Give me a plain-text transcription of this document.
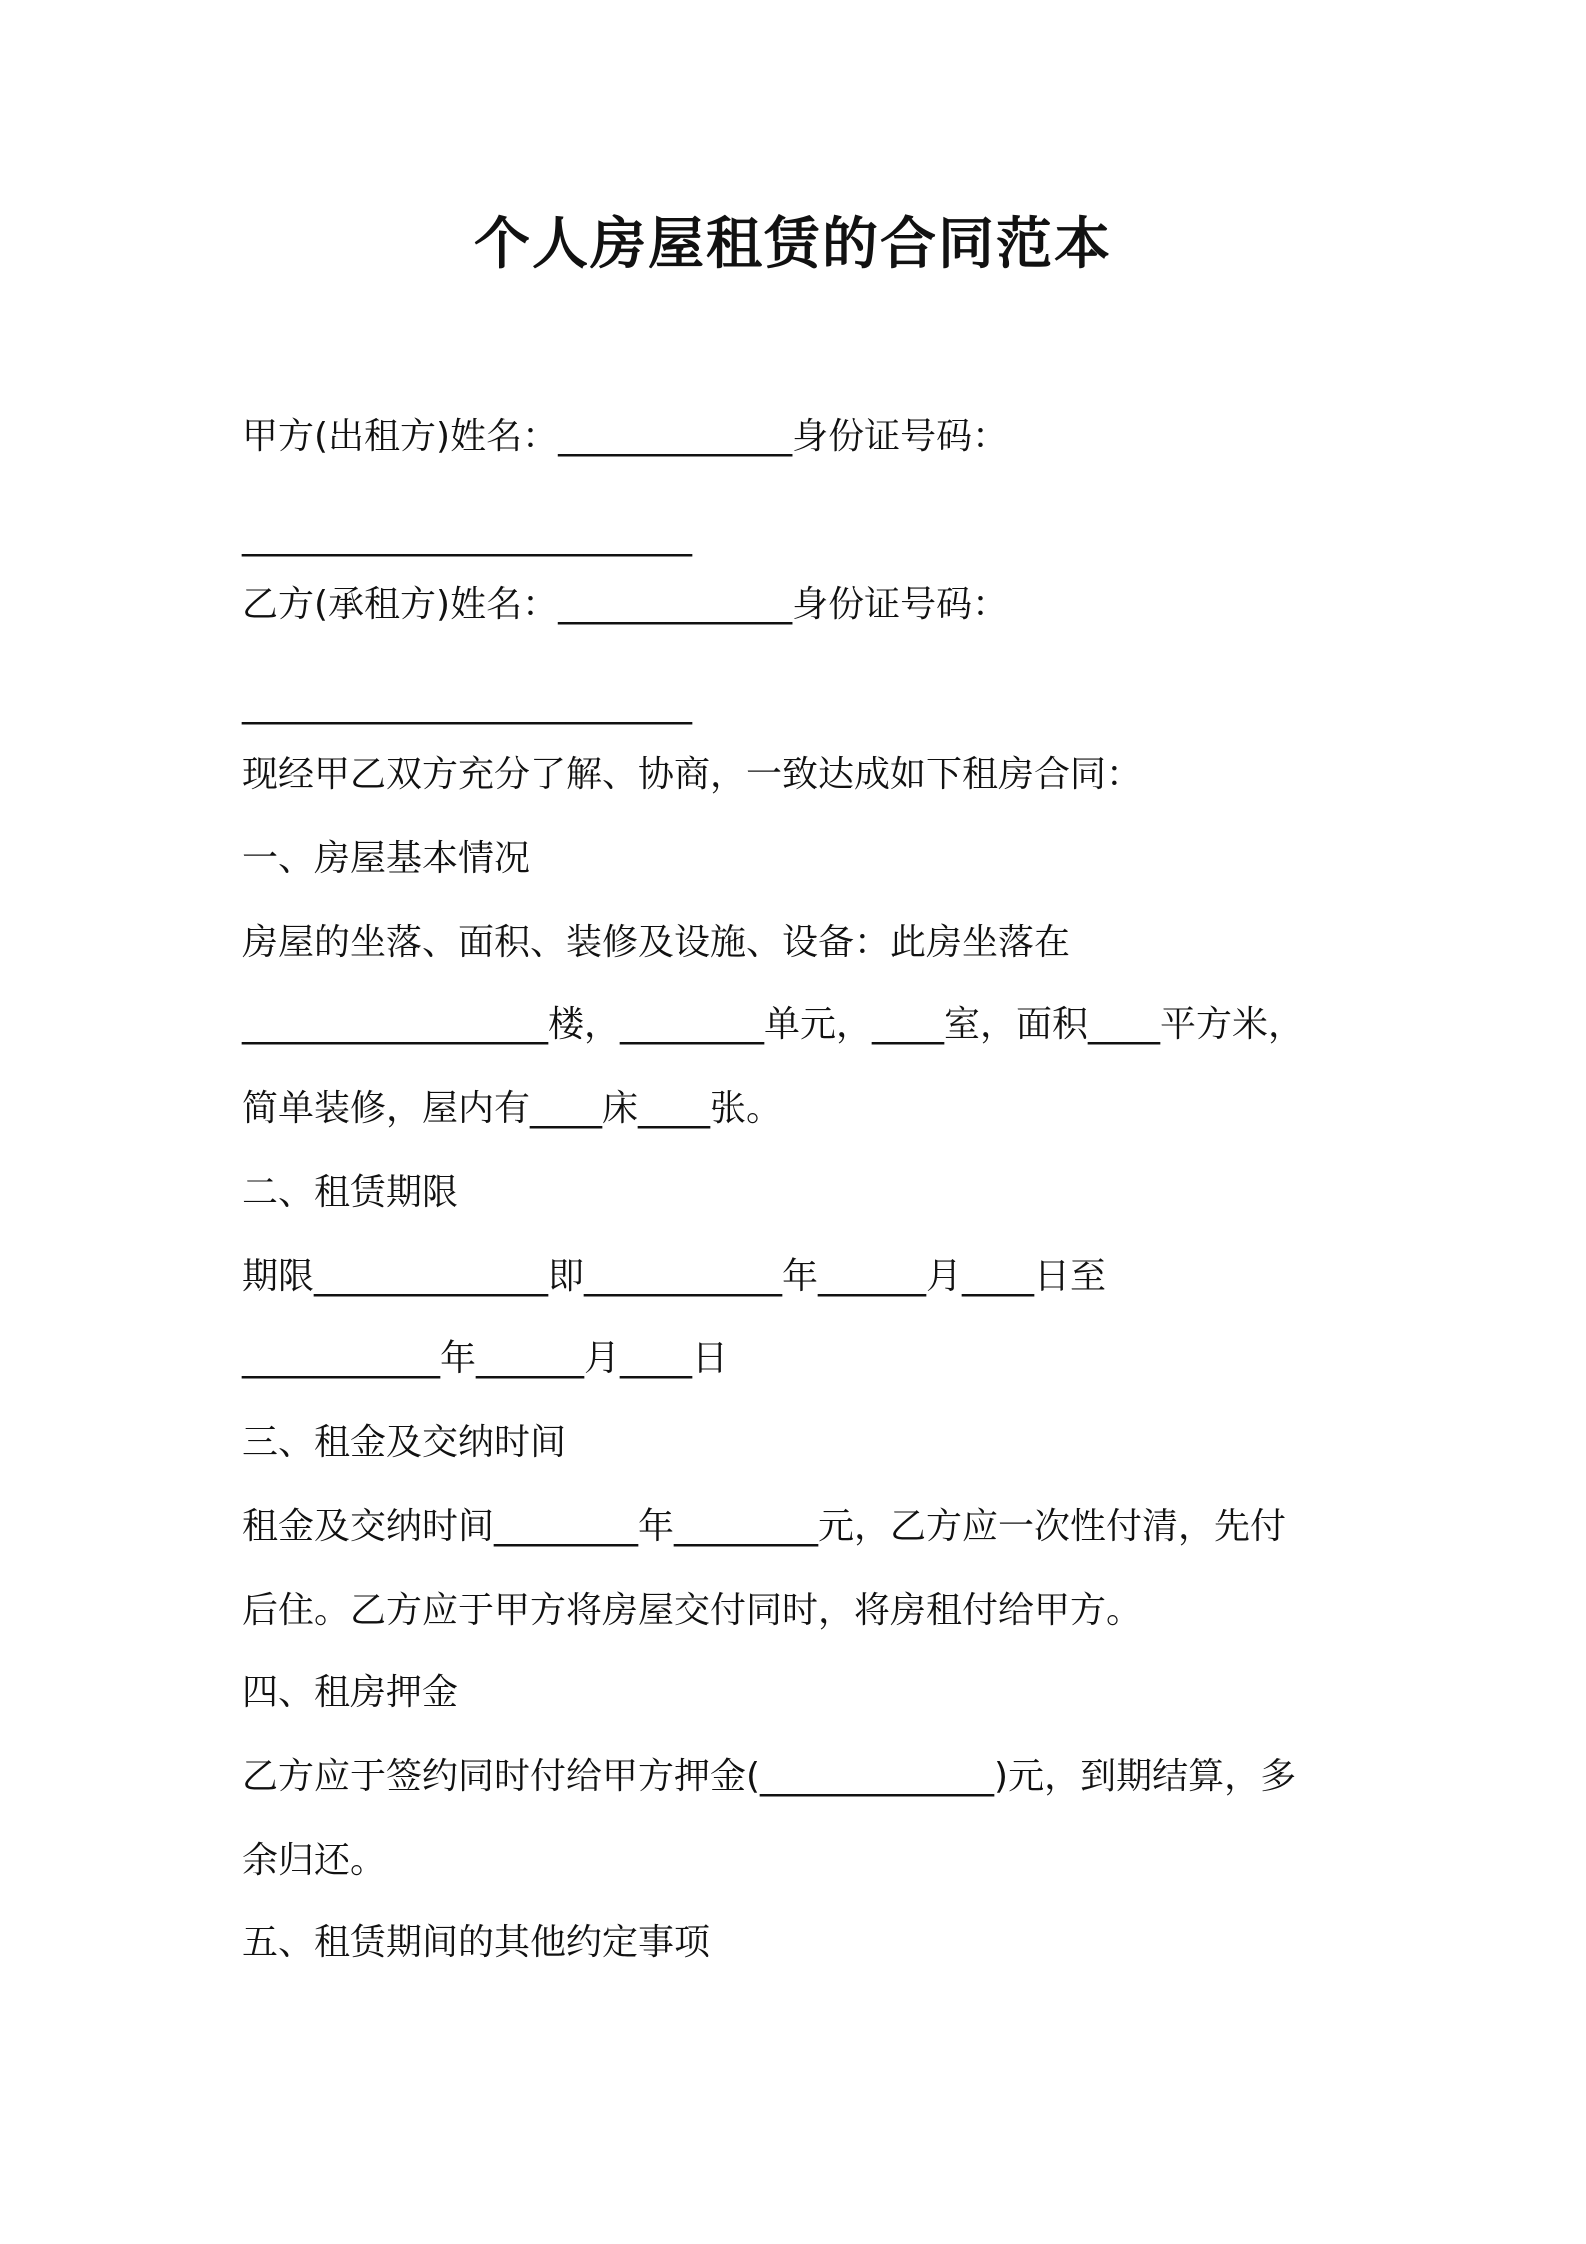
个人房屋租赁的合同范本
甲方(出租方)姓名：_____________身份证号码：
_________________________
乙方(承租方)姓名：_____________身份证号码：
_________________________
现经甲乙双方充分了解、协商，一致达成如下租房合同：
一、房屋基本情况
房屋的坐落、面积、装修及设施、设备：此房坐落在
_________________楼，________单元，____室，面积____平方米，
简单装修，屋内有____床____张。
二、租赁期限
期限_____________即___________年______月____日至
___________年______月____日
三、租金及交纳时间
租金及交纳时间________年________元，乙方应一次性付清，先付
后住。乙方应于甲方将房屋交付同时，将房租付给甲方。
四、租房押金
乙方应于签约同时付给甲方押金(_____________)元，到期结算，多
余归还。
五、租赁期间的其他约定事项
